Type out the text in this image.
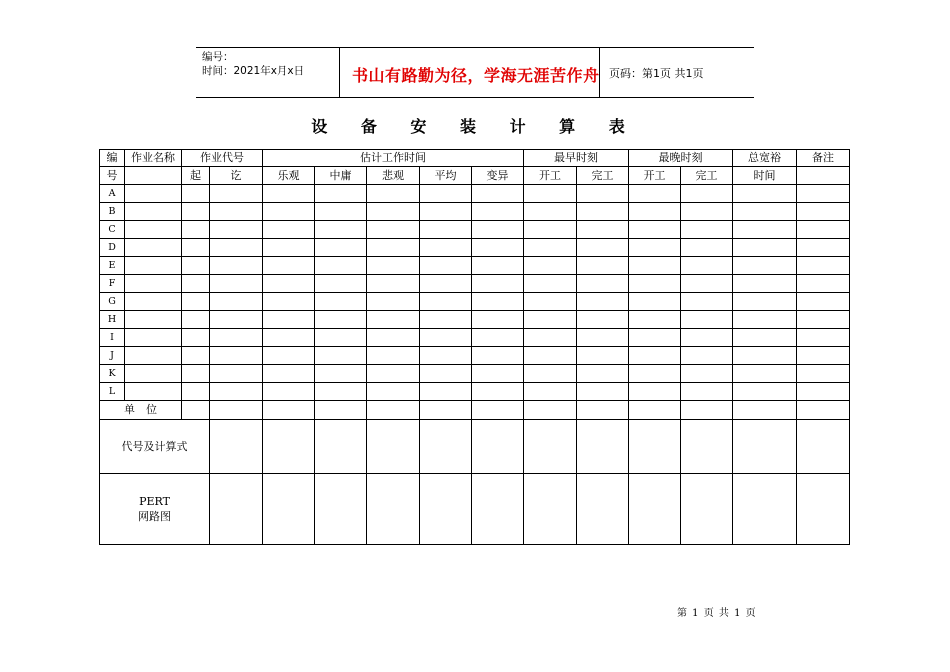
编号：
时间：2021年x月x日	书山有路勤为径，学海无涯苦作舟 页码：第1页 共1页
设 备 安 装 计 算 表
编	作业名称	作业代号		估计工作时间					最早时刻		最晚时刻		总宽裕	备注
号		起	讫	乐观	中庸	悲观	平均	变异	开工	完工	开工	完工	时间	
A														
B														
C														
D														
E														
F														
G														
H														
I														
J														
K														
L														
单　位														
代号及计算式														

PERT
网路图														

第 1 页 共 1 页
